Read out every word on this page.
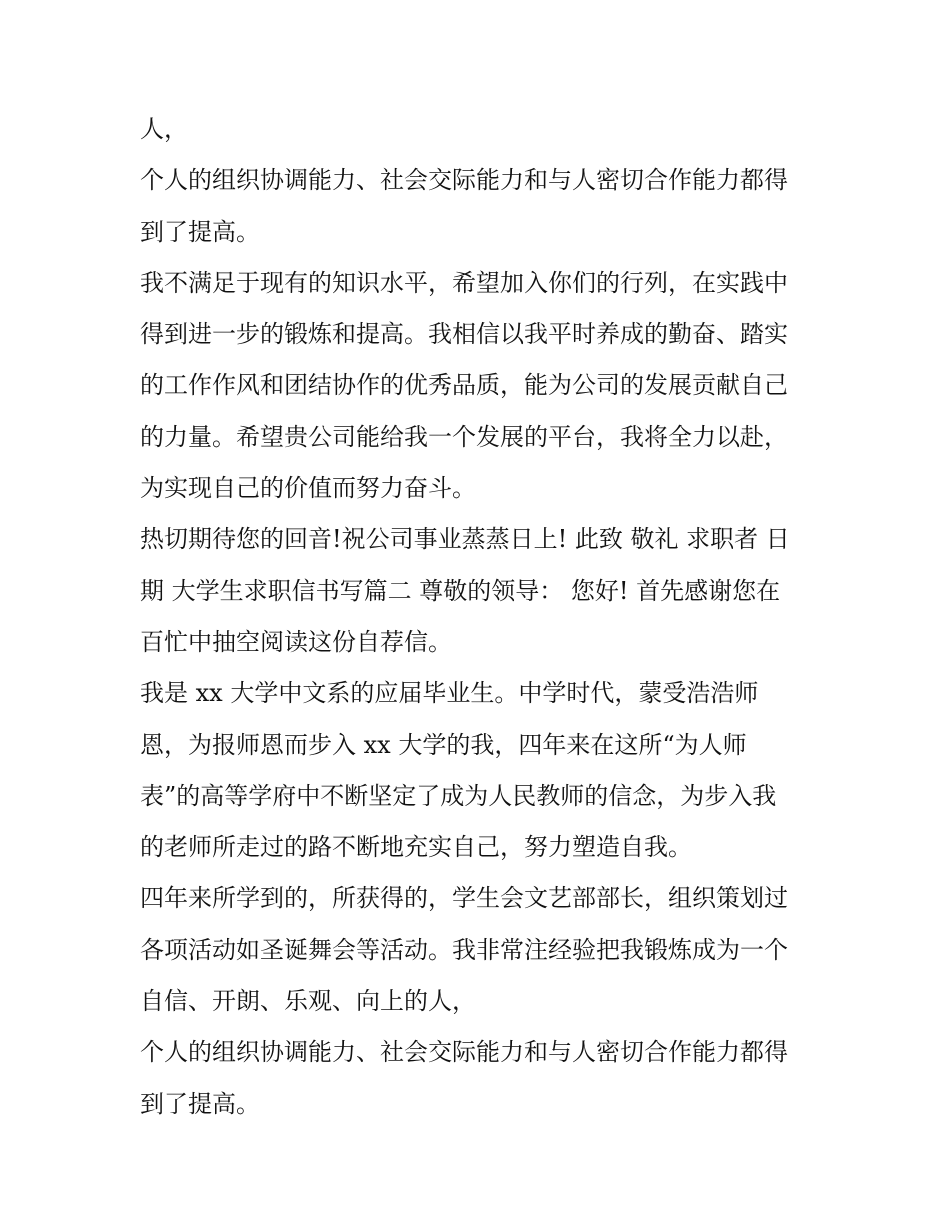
人，
个人的组织协调能力、社会交际能力和与人密切合作能力都得
到了提高。
我不满足于现有的知识水平，希望加入你们的行列，在实践中
得到进一步的锻炼和提高。我相信以我平时养成的勤奋、踏实
的工作作风和团结协作的优秀品质，能为公司的发展贡献自己
的力量。希望贵公司能给我一个发展的平台，我将全力以赴，
为实现自己的价值而努力奋斗。
热切期待您的回音!祝公司事业蒸蒸日上! 此致 敬礼 求职者 日
期 大学生求职信书写篇二 尊敬的领导： 您好! 首先感谢您在
百忙中抽空阅读这份自荐信。
我是 xx 大学中文系的应届毕业生。中学时代，蒙受浩浩师
恩，为报师恩而步入 xx 大学的我，四年来在这所“为人师
表”的高等学府中不断坚定了成为人民教师的信念，为步入我
的老师所走过的路不断地充实自己，努力塑造自我。
四年来所学到的，所获得的，学生会文艺部部长，组织策划过
各项活动如圣诞舞会等活动。我非常注经验把我锻炼成为一个
自信、开朗、乐观、向上的人，
个人的组织协调能力、社会交际能力和与人密切合作能力都得
到了提高。
